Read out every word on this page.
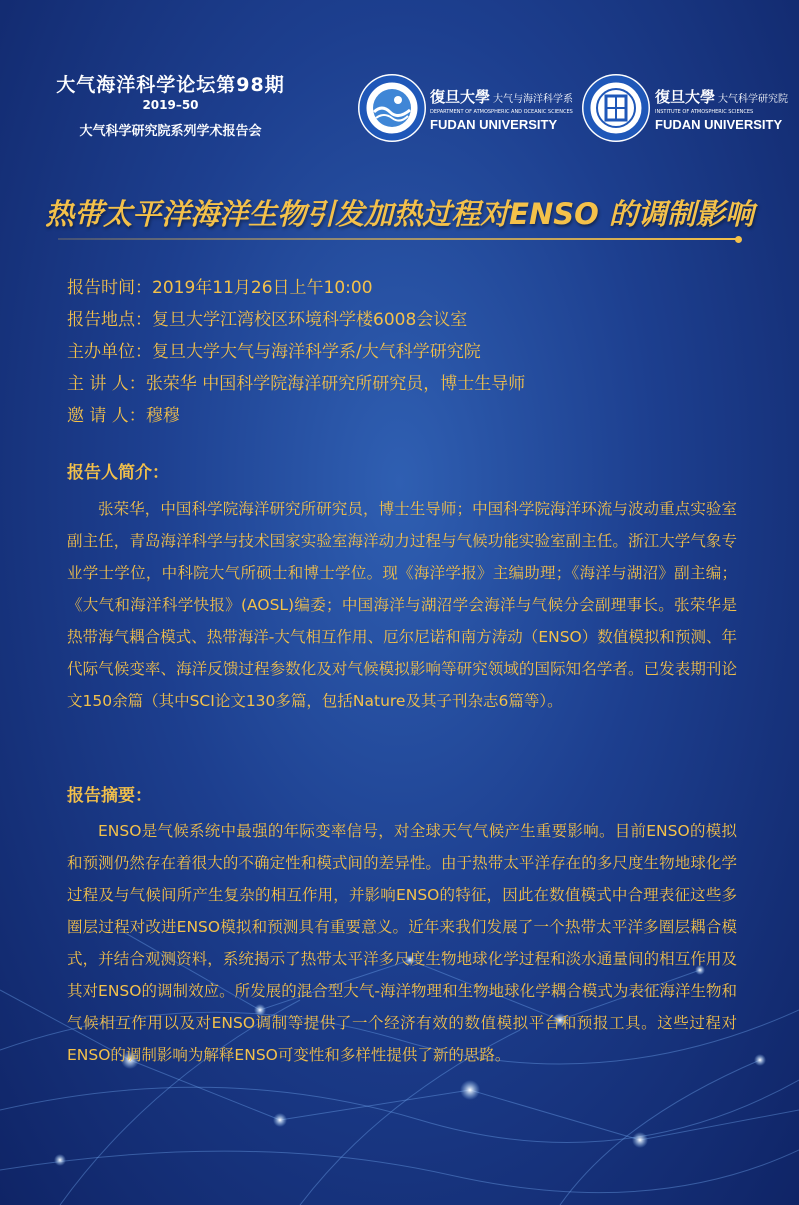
大气海洋科学论坛第98期
2019–50
大气科学研究院系列学术报告会
復旦大學 大气与海洋科学系
DEPARTMENT OF ATMOSPHERIC AND OCEANIC SCIENCES
FUDAN UNIVERSITY
復旦大學 大气科学研究院
INSTITUTE OF ATMOSPHERIC SCIENCES
FUDAN UNIVERSITY
热带太平洋海洋生物引发加热过程对ENSO 的调制影响
报告时间：2019年11月26日上午10:00
报告地点：复旦大学江湾校区环境科学楼6008会议室
主办单位：复旦大学大气与海洋科学系/大气科学研究院
主 讲 人：张荣华 中国科学院海洋研究所研究员，博士生导师
邀 请 人：穆穆
报告人简介：
张荣华，中国科学院海洋研究所研究员，博士生导师；中国科学院海洋环流与波动重点实验室副主任，青岛海洋科学与技术国家实验室海洋动力过程与气候功能实验室副主任。浙江大学气象专业学士学位，中科院大气所硕士和博士学位。现《海洋学报》主编助理；《海洋与湖沼》副主编；《大气和海洋科学快报》(AOSL)编委；中国海洋与湖沼学会海洋与气候分会副理事长。张荣华是热带海气耦合模式、热带海洋-大气相互作用、厄尔尼诺和南方涛动（ENSO）数值模拟和预测、年代际气候变率、海洋反馈过程参数化及对气候模拟影响等研究领域的国际知名学者。已发表期刊论文150余篇（其中SCI论文130多篇，包括Nature及其子刊杂志6篇等）。
报告摘要：
ENSO是气候系统中最强的年际变率信号，对全球天气气候产生重要影响。目前ENSO的模拟和预测仍然存在着很大的不确定性和模式间的差异性。由于热带太平洋存在的多尺度生物地球化学过程及与气候间所产生复杂的相互作用，并影响ENSO的特征，因此在数值模式中合理表征这些多圈层过程对改进ENSO模拟和预测具有重要意义。近年来我们发展了一个热带太平洋多圈层耦合模式，并结合观测资料，系统揭示了热带太平洋多尺度生物地球化学过程和淡水通量间的相互作用及其对ENSO的调制效应。所发展的混合型大气-海洋物理和生物地球化学耦合模式为表征海洋生物和气候相互作用以及对ENSO调制等提供了一个经济有效的数值模拟平台和预报工具。这些过程对ENSO的调制影响为解释ENSO可变性和多样性提供了新的思路。
